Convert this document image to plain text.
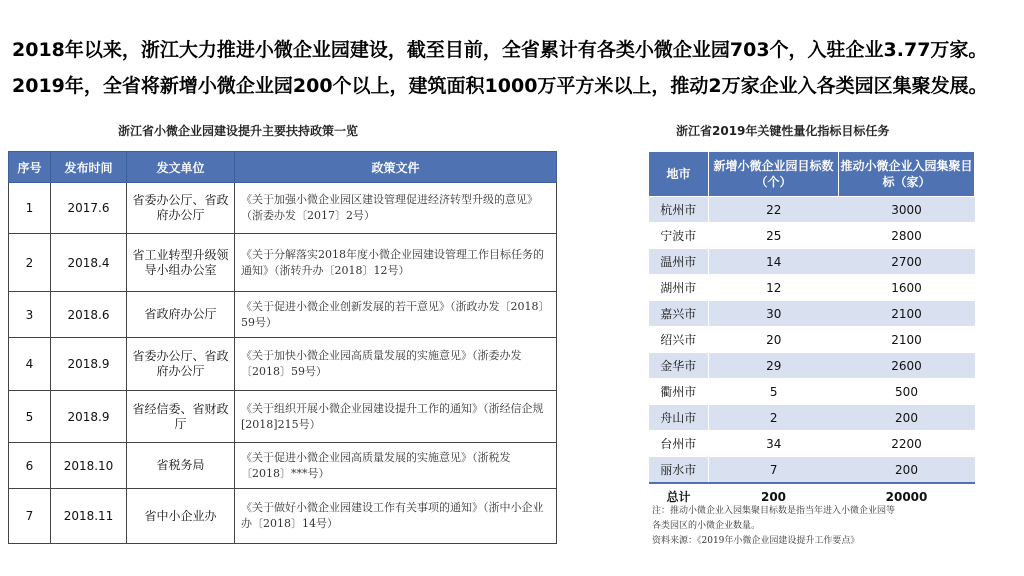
2018年以来，浙江大力推进小微企业园建设，截至目前，全省累计有各类小微企业园703个，入驻企业3.77万家。
2019年，全省将新增小微企业园200个以上，建筑面积1000万平方米以上，推动2万家企业入各类园区集聚发展。
浙江省小微企业园建设提升主要扶持政策一览
序号	发布时间	发文单位	政策文件
1	2017.6	省委办公厅、省政府办公厅	《关于加强小微企业园区建设管理促进经济转型升级的意见》（浙委办发〔2017〕2号）
2	2018.4	省工业转型升级领导小组办公室	《关于分解落实2018年度小微企业园建设管理工作目标任务的通知》（浙转升办〔2018〕12号）
3	2018.6	省政府办公厅	《关于促进小微企业创新发展的若干意见》（浙政办发〔2018〕59号）
4	2018.9	省委办公厅、省政府办公厅	《关于加快小微企业园高质量发展的实施意见》（浙委办发〔2018〕59号）
5	2018.9	省经信委、省财政厅	《关于组织开展小微企业园建设提升工作的通知》（浙经信企规[2018]215号）
6	2018.10	省税务局	《关于促进小微企业园高质量发展的实施意见》（浙税发〔2018〕***号）
7	2018.11	省中小企业办	《关于做好小微企业园建设工作有关事项的通知》（浙中小企业办〔2018〕14号）
浙江省2019年关键性量化指标目标任务
地市	新增小微企业园目标数（个）	推动小微企业入园集聚目标（家）
杭州市	22	3000
宁波市	25	2800
温州市	14	2700
湖州市	12	1600
嘉兴市	30	2100
绍兴市	20	2100
金华市	29	2600
衢州市	5	500
舟山市	2	200
台州市	34	2200
丽水市	7	200
总计	200	20000
注：推动小微企业入园集聚目标数是指当年进入小微企业园等
各类园区的小微企业数量。
资料来源：《2019年小微企业园建设提升工作要点》
